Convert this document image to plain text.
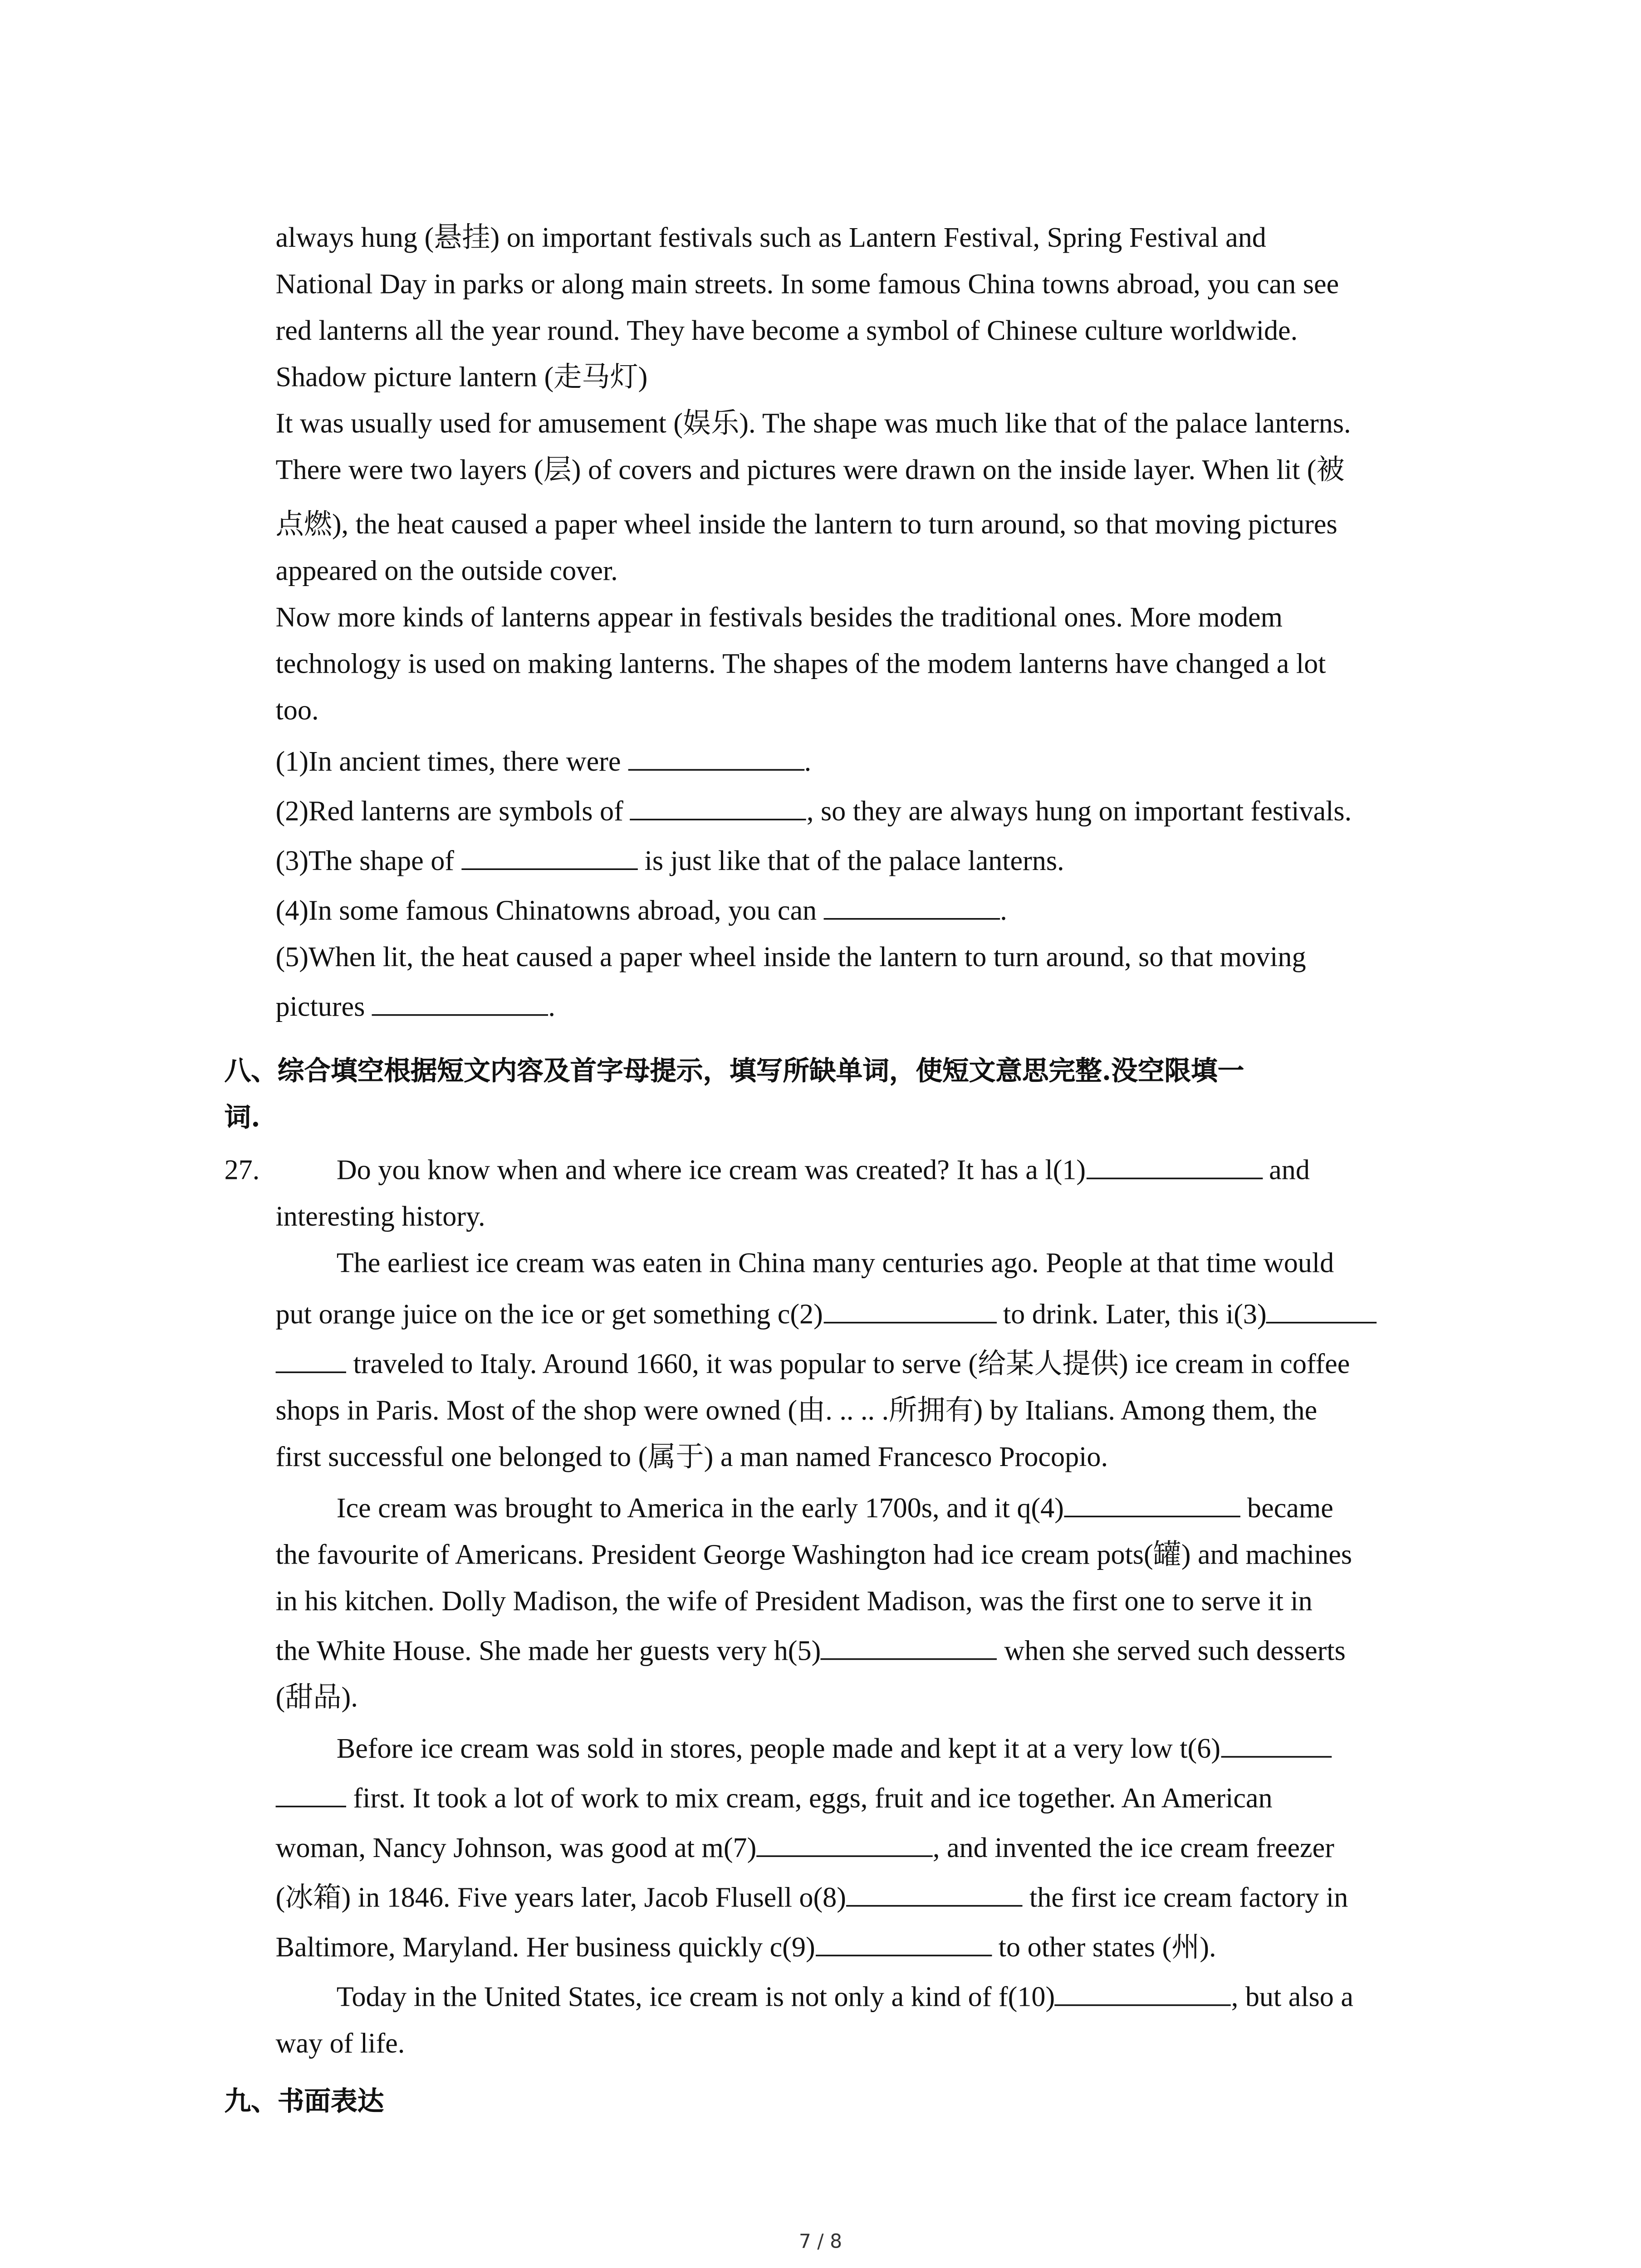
always hung (悬挂) on important festivals such as Lantern Festival, Spring Festival and

National Day in parks or along main streets. In some famous China towns abroad, you can see

red lanterns all the year round. They have become a symbol of Chinese culture worldwide.

Shadow picture lantern (走马灯)

It was usually used for amusement (娱乐). The shape was much like that of the palace lanterns.

There were two layers (层) of covers and pictures were drawn on the inside layer. When lit (被

点燃), the heat caused a paper wheel inside the lantern to turn around, so that moving pictures

appeared on the outside cover.

Now more kinds of lanterns appear in festivals besides the traditional ones. More modem

technology is used on making lanterns. The shapes of the modem lanterns have changed a lot

too.

(1)In ancient times, there were	.

(2)Red lanterns are symbols of	, so they are always hung on important festivals.

(3)The shape of	is just like that of the palace lanterns.

(4)In some famous Chinatowns abroad, you can	.

(5)When lit, the heat caused a paper wheel inside the lantern to turn around, so that moving

pictures	.

八、综合填空根据短文内容及首字母提示，填写所缺单词，使短文意思完整.没空限填一

词.

27.	Do you know when and where ice cream was created? It has a l(1)	and

interesting history.

The earliest ice cream was eaten in China many centuries ago. People at that time would

put orange juice on the ice or get something c(2)	to drink. Later, this i(3)

traveled to Italy. Around 1660, it was popular to serve (给某人提供) ice cream in coffee

shops in Paris. Most of the shop were owned (由. .. .. .所拥有) by Italians. Among them, the

first successful one belonged to (属于) a man named Francesco Procopio.

Ice cream was brought to America in the early 1700s, and it q(4)	became

the favourite of Americans. President George Washington had ice cream pots(罐) and machines

in his kitchen. Dolly Madison, the wife of President Madison, was the first one to serve it in

the White House. She made her guests very h(5)	when she served such desserts

(甜品).

Before ice cream was sold in stores, people made and kept it at a very low t(6)

first. It took a lot of work to mix cream, eggs, fruit and ice together. An American

woman, Nancy Johnson, was good at m(7)	, and invented the ice cream freezer

(冰箱) in 1846. Five years later, Jacob Flusell o(8)	the first ice cream factory in

Baltimore, Maryland. Her business quickly c(9)	to other states (州).

Today in the United States, ice cream is not only a kind of f(10)	, but also a

way of life.

九、书面表达

7 / 8
